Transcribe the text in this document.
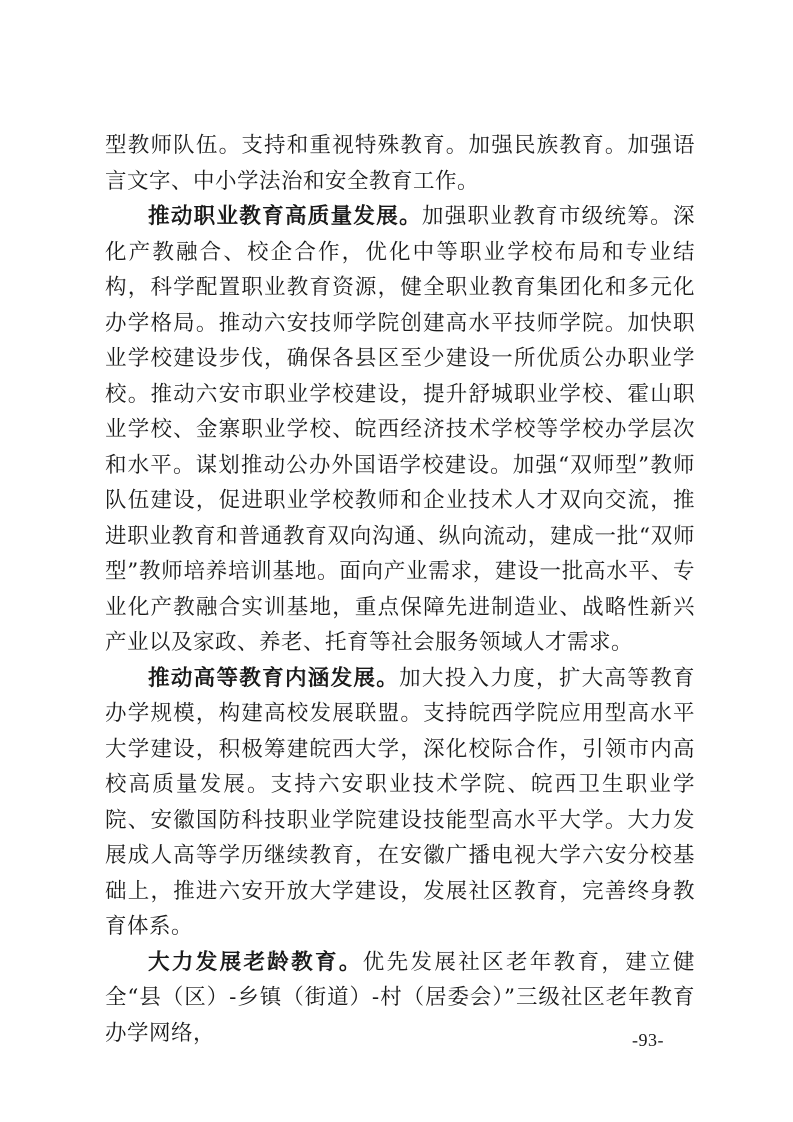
型教师队伍。支持和重视特殊教育。加强民族教育。加强语言文字、中小学法治和安全教育工作。

推动职业教育高质量发展。加强职业教育市级统筹。深化产教融合、校企合作，优化中等职业学校布局和专业结构，科学配置职业教育资源，健全职业教育集团化和多元化办学格局。推动六安技师学院创建高水平技师学院。加快职业学校建设步伐，确保各县区至少建设一所优质公办职业学校。推动六安市职业学校建设，提升舒城职业学校、霍山职业学校、金寨职业学校、皖西经济技术学校等学校办学层次和水平。谋划推动公办外国语学校建设。加强“双师型”教师队伍建设，促进职业学校教师和企业技术人才双向交流，推进职业教育和普通教育双向沟通、纵向流动，建成一批“双师型”教师培养培训基地。面向产业需求，建设一批高水平、专业化产教融合实训基地，重点保障先进制造业、战略性新兴产业以及家政、养老、托育等社会服务领域人才需求。

推动高等教育内涵发展。加大投入力度，扩大高等教育办学规模，构建高校发展联盟。支持皖西学院应用型高水平大学建设，积极筹建皖西大学，深化校际合作，引领市内高校高质量发展。支持六安职业技术学院、皖西卫生职业学院、安徽国防科技职业学院建设技能型高水平大学。大力发展成人高等学历继续教育，在安徽广播电视大学六安分校基础上，推进六安开放大学建设，发展社区教育，完善终身教育体系。

大力发展老龄教育。优先发展社区老年教育，建立健全“县（区）-乡镇（街道）-村（居委会）”三级社区老年教育办学网络，	-93-
